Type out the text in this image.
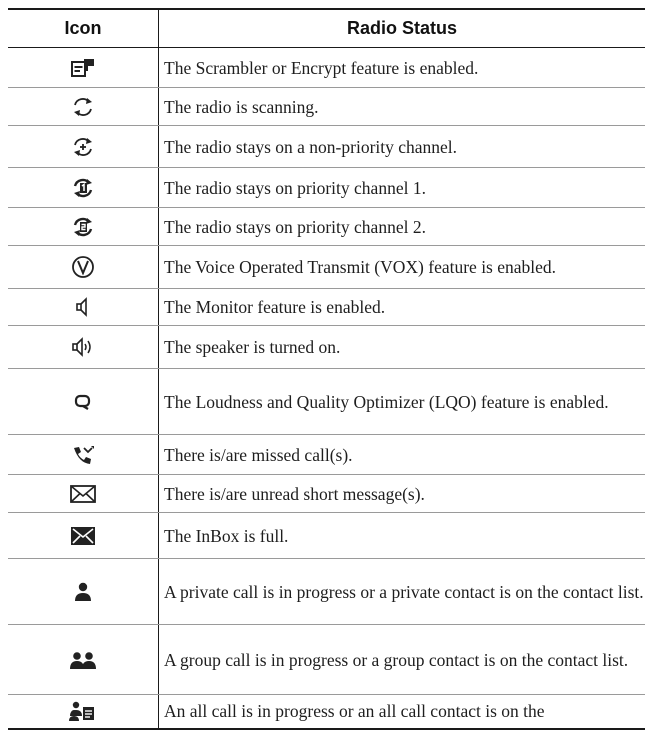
Icon	Radio Status
	The Scrambler or Encrypt feature is enabled.
	The radio is scanning.
	The radio stays on a non-priority channel.
	The radio stays on priority channel 1.
	The radio stays on priority channel 2.
	The Voice Operated Transmit (VOX) feature is enabled.
	The Monitor feature is enabled.
	The speaker is turned on.
	The Loudness and Quality Optimizer (LQO) feature is enabled.
	There is/are missed call(s).
	There is/are unread short message(s).
	The InBox is full.
	A private call is in progress or a private contact is on the contact list.
	A group call is in progress or a group contact is on the contact list.
	An all call is in progress or an all call contact is on the
